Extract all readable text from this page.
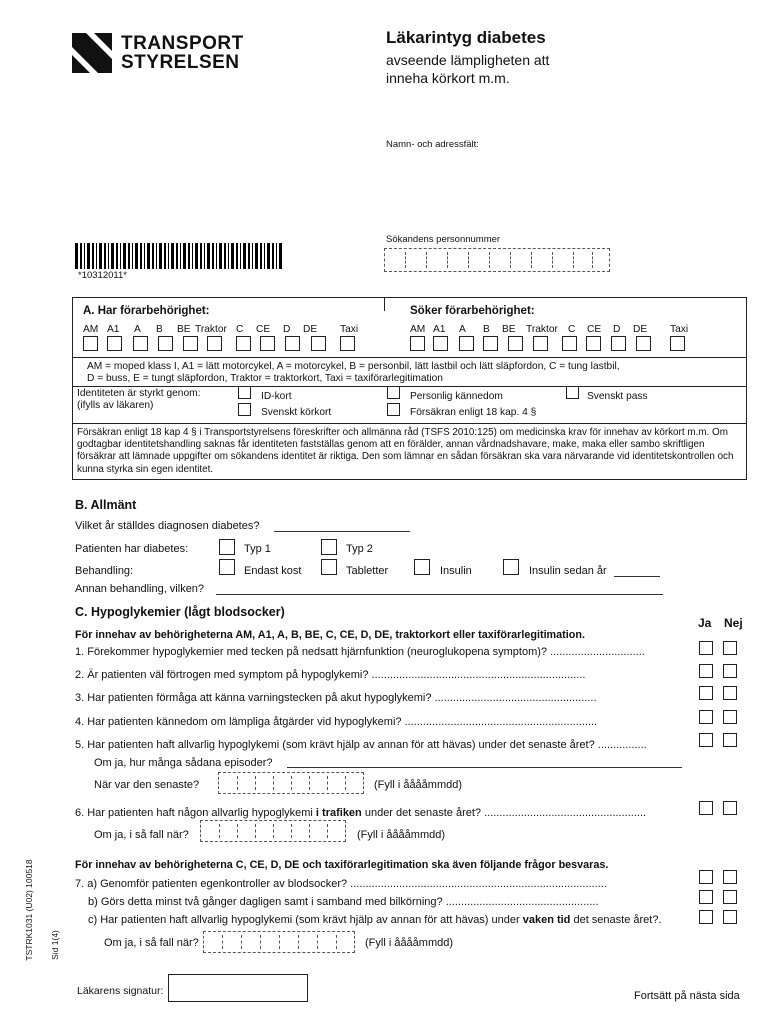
TRANSPORT
STYRELSEN
Läkarintyg diabetes
avseende lämpligheten att
inneha körkort m.m.
Namn- och adressfält:
Sökandens personnummer
*10312011*
A. Har förarbehörighet:	Söker förarbehörighet:
AM A1 A B BE Traktor C CE D DE Taxi	AM A1 A B BE Traktor C CE D DE Taxi
AM = moped klass I, A1 = lätt motorcykel, A = motorcykel, B = personbil, lätt lastbil och lätt släpfordon, C = tung lastbil,
D = buss, E = tungt släpfordon, Traktor = traktorkort, Taxi = taxiförarlegitimation
Identiteten är styrkt genom:
(ifylls av läkaren)
ID-kort
Svenskt körkort
Personlig kännedom
Försäkran enligt 18 kap. 4 §
Svenskt pass
Försäkran enligt 18 kap 4 § i Transportstyrelsens föreskrifter och allmänna råd (TSFS 2010:125) om medicinska krav för innehav av körkort m.m. Om godtagbar identitetshandling saknas får identiteten fastställas genom att en förälder, annan vårdnadshavare, make, maka eller sambo skriftligen försäkrar att lämnade uppgifter om sökandens identitet är riktiga. Den som lämnar en sådan försäkran ska vara närvarande vid identitetskontrollen och kunna styrka sin egen identitet.
B. Allmänt
Vilket år ställdes diagnosen diabetes?
Patienten har diabetes:	Typ 1	Typ 2
Behandling:	Endast kost	Tabletter	Insulin	Insulin sedan år
Annan behandling, vilken?
C. Hypoglykemier (lågt blodsocker)
Ja Nej
För innehav av behörigheterna AM, A1, A, B, BE, C, CE, D, DE, traktorkort eller taxiförarlegitimation.
1. Förekommer hypoglykemier med tecken på nedsatt hjärnfunktion (neuroglukopena symptom)? ...............................
2. Är patienten väl förtrogen med symptom på hypoglykemi? ......................................................................
3. Har patienten förmåga att känna varningstecken på akut hypoglykemi? .....................................................
4. Har patienten kännedom om lämpliga åtgärder vid hypoglykemi? ...............................................................
5. Har patienten haft allvarlig hypoglykemi (som krävt hjälp av annan för att hävas) under det senaste året? ................
Om ja, hur många sådana episoder?
När var den senaste?	(Fyll i ååååmmdd)
6. Har patienten haft någon allvarlig hypoglykemi i trafiken under det senaste året? .....................................................
Om ja, i så fall när?	(Fyll i ååååmmdd)
För innehav av behörigheterna C, CE, D, DE och taxiförarlegitimation ska även följande frågor besvaras.
7. a) Genomför patienten egenkontroller av blodsocker? ....................................................................................
b) Görs detta minst två gånger dagligen samt i samband med bilkörning? ..................................................
c) Har patienten haft allvarlig hypoglykemi (som krävt hjälp av annan för att hävas) under vaken tid det senaste året?.
Om ja, i så fall när?	(Fyll i ååååmmdd)
TSTRK1031 (U02) 100518 Sid 1(4)
Läkarens signatur:	Fortsätt på nästa sida
